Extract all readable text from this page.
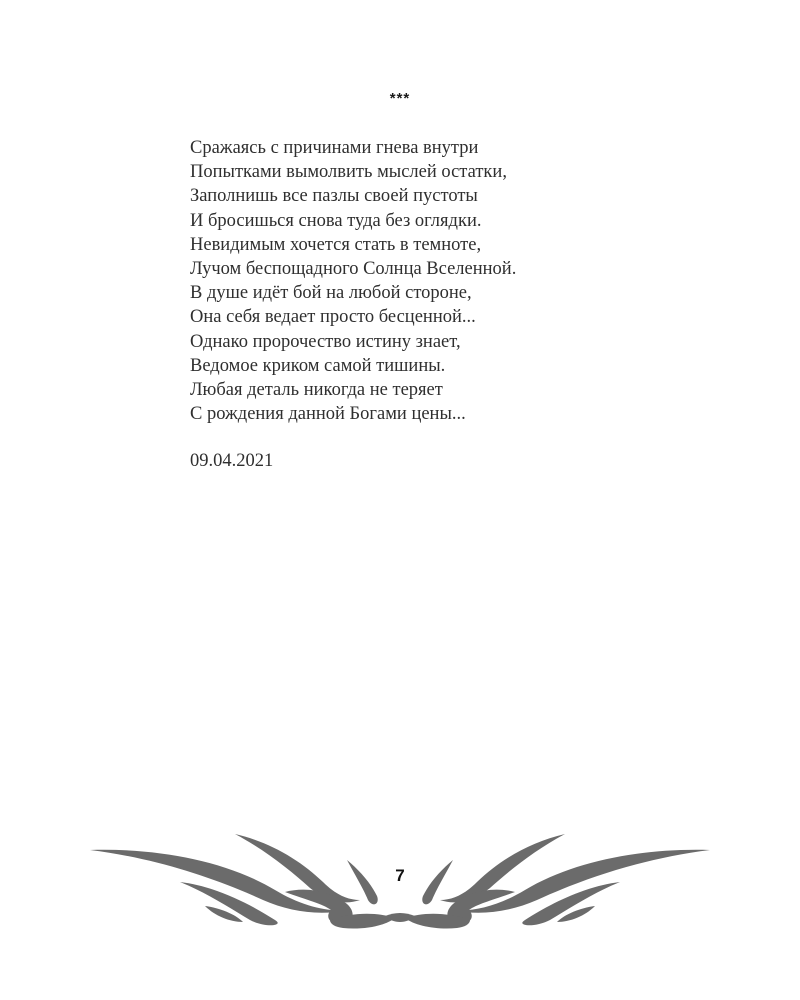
***
Сражаясь с причинами гнева внутри
Попытками вымолвить мыслей остатки,
Заполнишь все пазлы своей пустоты
И бросишься снова туда без оглядки.
Невидимым хочется стать в темноте,
Лучом беспощадного Солнца Вселенной.
В душе идёт бой на любой стороне,
Она себя ведает просто бесценной...
Однако пророчество истину знает,
Ведомое криком самой тишины.
Любая деталь никогда не теряет
С рождения данной Богами цены...
09.04.2021
7
